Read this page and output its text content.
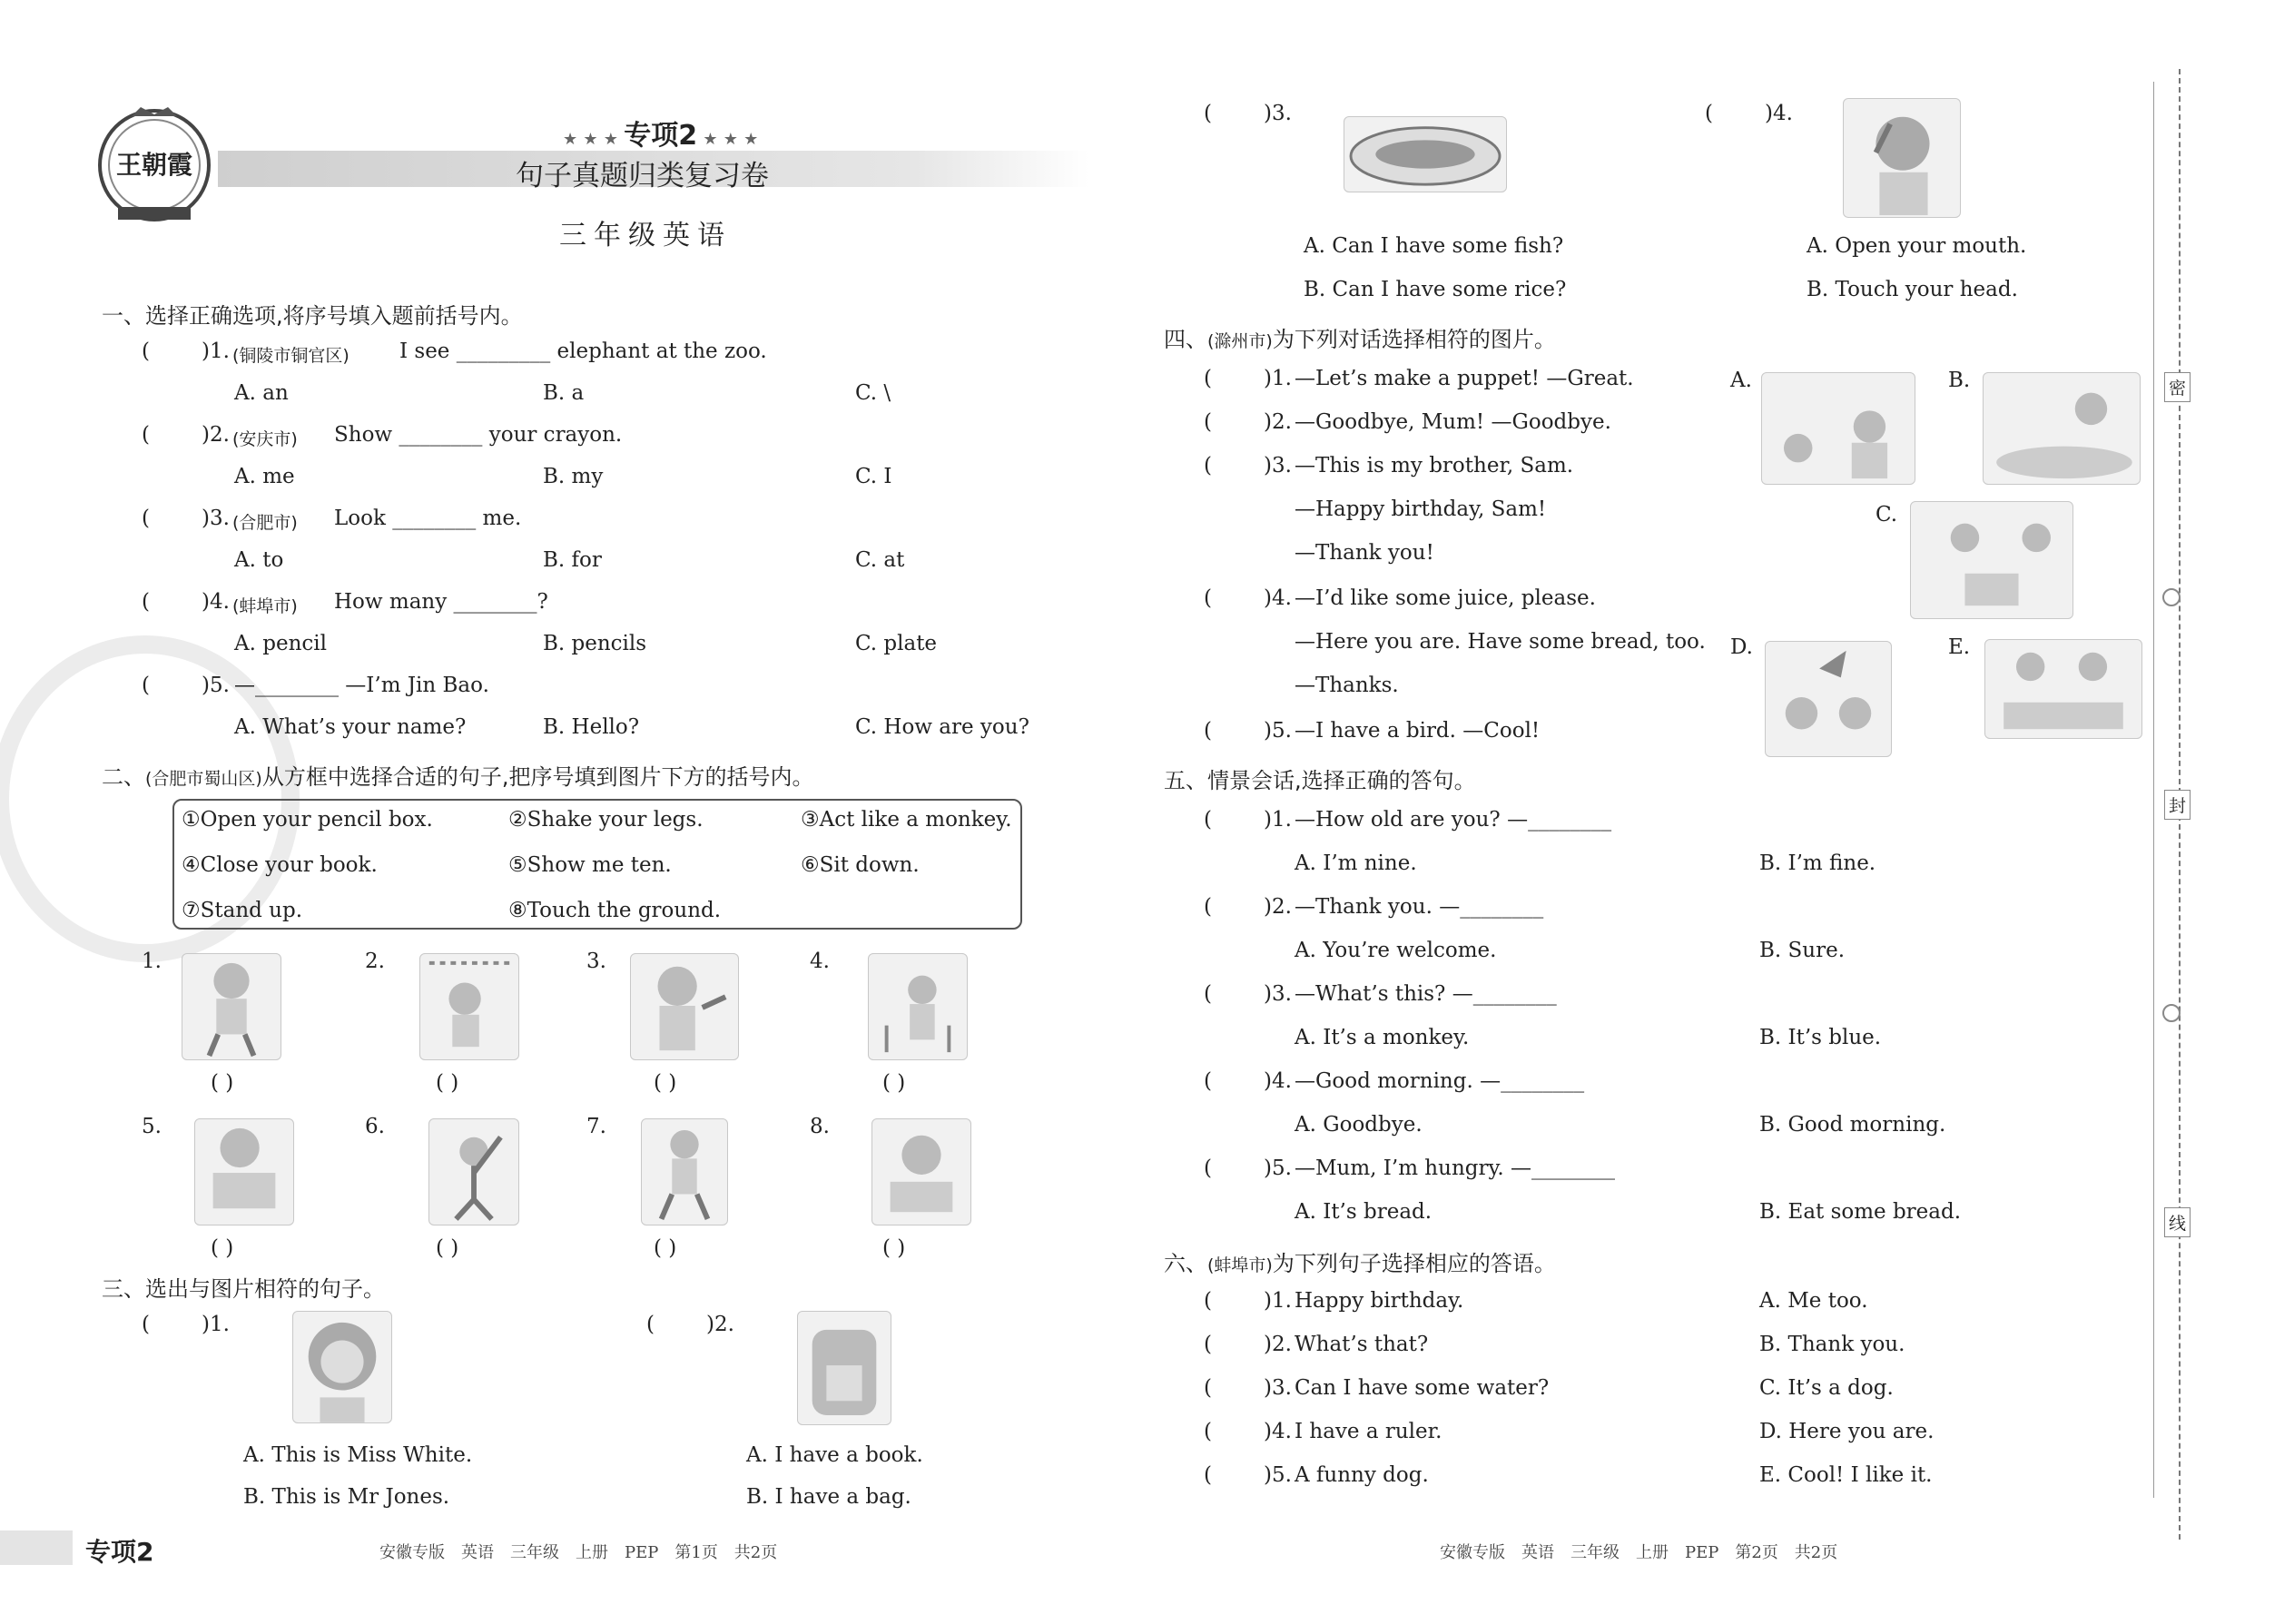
王朝霞
★ ★ ★ 专项2 ★ ★ ★
句子真题归类复习卷
三年级英语
一、选择正确选项,将序号填入题前括号内。
( )1. (铜陵市铜官区) I see _________ elephant at the zoo.
A. an	B. a	C. \
( )2. (安庆市) Show ________ your crayon.
A. me	B. my	C. I
( )3. (合肥市) Look ________ me.
A. to	B. for	C. at
( )4. (蚌埠市) How many ________?
A. pencil	B. pencils	C. plate
( )5. —________ —I’m Jin Bao.
A. What’s your name?	B. Hello?	C. How are you?
二、(合肥市蜀山区)从方框中选择合适的句子,把序号填到图片下方的括号内。
①Open your pencil box.	②Shake your legs.	③Act like a monkey.
④Close your book.	⑤Show me ten.	⑥Sit down.
⑦Stand up.	⑧Touch the ground.
1.
( )
2.
( )
3.
( )
4.
( )
5.
( )
6.
( )
7.
( )
8.
( )
三、选出与图片相符的句子。
( )1.
A. This is Miss White.
B. This is Mr Jones.
( )2.
A. I have a book.
B. I have a bag.
专项2	安徽专版　英语　三年级　上册　PEP　第1页　共2页
( )3.
A. Can I have some fish?
B. Can I have some rice?
( )4.
A. Open your mouth.
B. Touch your head.
四、(滁州市)为下列对话选择相符的图片。
( )1. —Let’s make a puppet! —Great.
( )2. —Goodbye, Mum! —Goodbye.
( )3. —This is my brother, Sam.
—Happy birthday, Sam!
—Thank you!
( )4. —I’d like some juice, please.
—Here you are. Have some bread, too.
—Thanks.
( )5. —I have a bird. —Cool!
A.	B.
C.
D.	E.
五、情景会话,选择正确的答句。
( )1. —How old are you? —________
A. I’m nine.	B. I’m fine.
( )2. —Thank you. —________
A. You’re welcome.	B. Sure.
( )3. —What’s this? —________
A. It’s a monkey.	B. It’s blue.
( )4. —Good morning. —________
A. Goodbye.	B. Good morning.
( )5. —Mum, I’m hungry. —________
A. It’s bread.	B. Eat some bread.
六、(蚌埠市)为下列句子选择相应的答语。
( )1. Happy birthday.	A. Me too.
( )2. What’s that?	B. Thank you.
( )3. Can I have some water?	C. It’s a dog.
( )4. I have a ruler.	D. Here you are.
( )5. A funny dog.	E. Cool! I like it.
安徽专版　英语　三年级　上册　PEP　第2页　共2页
密
封
线
